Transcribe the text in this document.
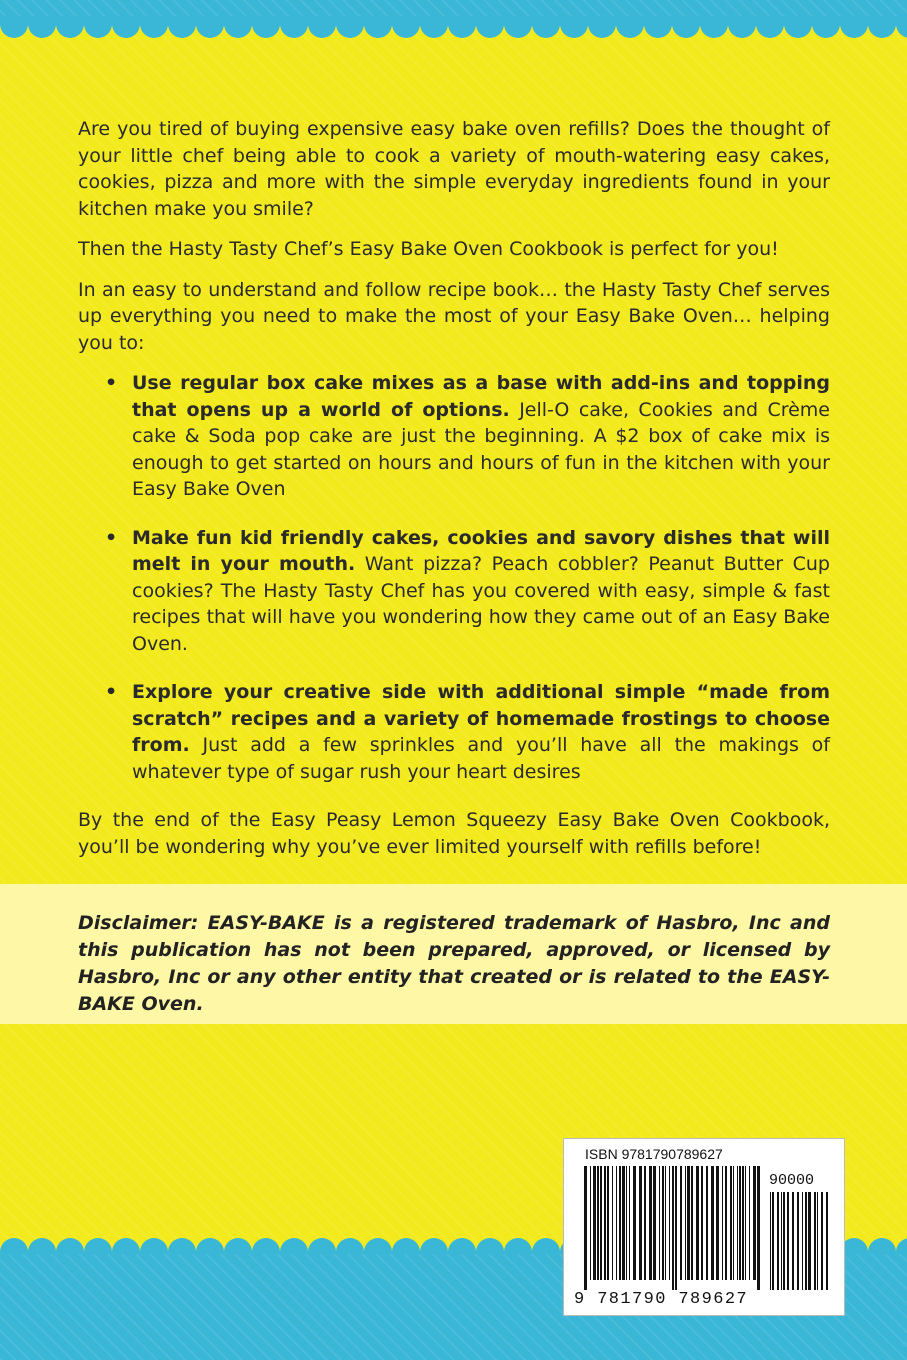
Are you tired of buying expensive easy bake oven refills? Does the thought of your little chef being able to cook a variety of mouth-watering easy cakes, cookies, pizza and more with the simple everyday ingredients found in your kitchen make you smile?

Then the Hasty Tasty Chef’s Easy Bake Oven Cookbook is perfect for you!

In an easy to understand and follow recipe book… the Hasty Tasty Chef serves up everything you need to make the most of your Easy Bake Oven… helping you to:

• Use regular box cake mixes as a base with add-ins and topping that opens up a world of options. Jell-O cake, Cookies and Crème cake & Soda pop cake are just the beginning. A $2 box of cake mix is enough to get started on hours and hours of fun in the kitchen with your Easy Bake Oven
• Make fun kid friendly cakes, cookies and savory dishes that will melt in your mouth. Want pizza? Peach cobbler? Peanut Butter Cup cookies? The Hasty Tasty Chef has you covered with easy, simple & fast recipes that will have you wondering how they came out of an Easy Bake Oven.
• Explore your creative side with additional simple “made from scratch” recipes and a variety of homemade frostings to choose from. Just add a few sprinkles and you’ll have all the makings of whatever type of sugar rush your heart desires

By the end of the Easy Peasy Lemon Squeezy Easy Bake Oven Cookbook, you’ll be wondering why you’ve ever limited yourself with refills before!

Disclaimer: EASY-BAKE is a registered trademark of Hasbro, Inc and this publication has not been prepared, approved, or licensed by Hasbro, Inc or any other entity that created or is related to the EASY-BAKE Oven.
ISBN 9781790789627
90000
9 781790 789627
